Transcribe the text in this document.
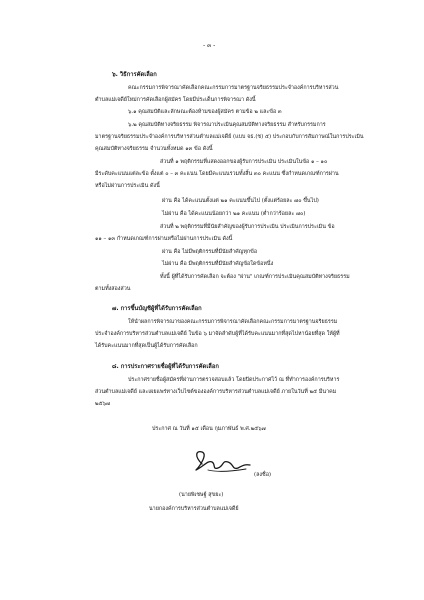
- ๓ -
๖. วิธีการคัดเลือก
คณะกรรมการพิจารณาคัดเลือกคณะกรรมการมาตรฐานจริยธรรมประจำองค์การบริหารส่วน
ตำบลแม่เจดีย์ใหม่การคัดเลือกผู้สมัคร โดยมีประเด็นการพิจารณา ดังนี้
๖.๑ คุณสมบัติและลักษณะต้องห้ามของผู้สมัคร ตามข้อ ๒ และข้อ ๓
๖.๒ คุณสมบัติทางจริยธรรม พิจารณาประเมินคุณสมบัติทางจริยธรรม สำหรับกรรมการ
มาตรฐานจริยธรรมประจำองค์การบริหารส่วนตำบลแม่เจดีย์ (แบบ จธ.(ช) ๕) ประกอบกับการสัมภาษณ์ในการประเมิน
คุณสมบัติทางจริยธรรม จำนวนทั้งหมด ๑๓ ข้อ ดังนี้
ส่วนที่ ๑ พฤติกรรมที่แสดงออกของผู้รับการประเมิน ประเมินในข้อ ๑ – ๑๐
มีระดับคะแนนแต่ละข้อ ตั้งแต่ ๐ – ๓ คะแนน โดยมีคะแนนรวมทั้งสิ้น ๓๐ คะแนน ซึ่งกำหนดเกณฑ์การผ่าน
หรือไม่ผ่านการประเมิน ดังนี้
ผ่าน คือ ได้คะแนนตั้งแต่ ๒๑ คะแนนขึ้นไป (ตั้งแต่ร้อยละ ๗๐ ขึ้นไป)
ไม่ผ่าน คือ ได้คะแนนน้อยกว่า ๒๑ คะแนน (ต่ำกว่าร้อยละ ๗๐)
ส่วนที่ ๒ พฤติกรรมที่มีนัยสำคัญของผู้รับการประเมิน ประเมินการประเมิน ข้อ
๑๑ – ๑๓ กำหนดเกณฑ์การผ่านหรือไม่ผ่านการประเมิน ดังนี้
ผ่าน คือ ไม่มีพฤติกรรมที่มีนัยสำคัญทุกข้อ
ไม่ผ่าน คือ มีพฤติกรรมที่มีนัยสำคัญข้อใดข้อหนึ่ง
ทั้งนี้ ผู้ที่ได้รับการคัดเลือก จะต้อง "ผ่าน" เกณฑ์การประเมินคุณสมบัติทางจริยธรรม
ตามทั้งสองส่วน
๗. การขึ้นบัญชีผู้ที่ได้รับการคัดเลือก
ให้นำผลการพิจารณาของคณะกรรมการพิจารณาคัดเลือกคณะกรรมการมาตรฐานจริยธรรม
ประจำองค์การบริหารส่วนตำบลแม่เจดีย์ ในข้อ ๖ มาจัดลำดับผู้ที่ได้รับคะแนนมากที่สุดไปหาน้อยที่สุด ให้ผู้ที่
ได้รับคะแนนมากที่สุดเป็นผู้ได้รับการคัดเลือก
๘. การประกาศรายชื่อผู้ที่ได้รับการคัดเลือก
ประกาศรายชื่อผู้สมัครที่ผ่านการตรวจสอบแล้ว โดยปิดประกาศไว้ ณ ที่ทำการองค์การบริหาร
ส่วนตำบลแม่เจดีย์ และเผยแพร่ทางเว็บไซต์ขององค์การบริหารส่วนตำบลแม่เจดีย์ ภายในวันที่ ๒๕ มีนาคม
๒๕๖๗
ประกาศ ณ วันที่ ๑๕ เดือน กุมภาพันธ์ พ.ศ.๒๕๖๗
(ลงชื่อ)
(นายพิเชษฐ์ สุขยะ)
นายกองค์การบริหารส่วนตำบลแม่เจดีย์
